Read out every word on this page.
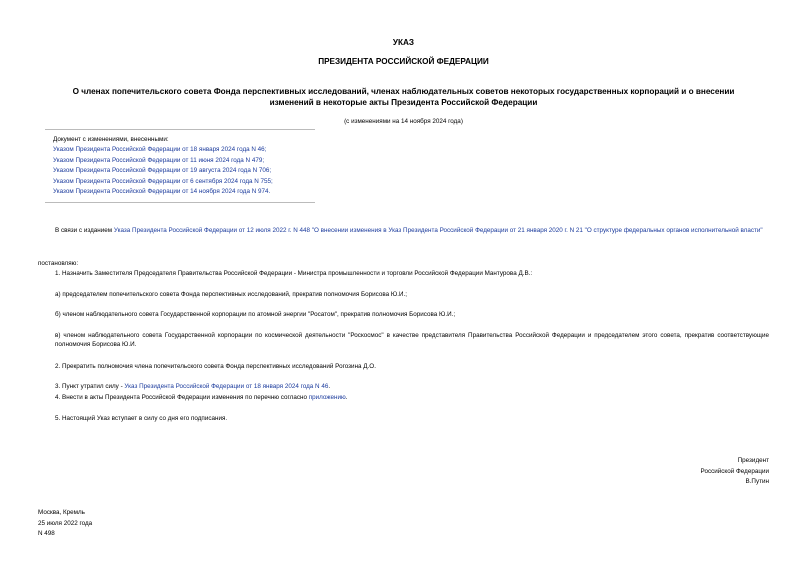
УКАЗ
ПРЕЗИДЕНТА РОССИЙСКОЙ ФЕДЕРАЦИИ
О членах попечительского совета Фонда перспективных исследований, членах наблюдательных советов некоторых государственных корпораций и о внесении
изменений в некоторые акты Президента Российской Федерации
(с изменениями на 14 ноября 2024 года)
Документ с изменениями, внесенными:
Указом Президента Российской Федерации от 18 января 2024 года N 46;
Указом Президента Российской Федерации от 11 июня 2024 года N 479;
Указом Президента Российской Федерации от 19 августа 2024 года N 706;
Указом Президента Российской Федерации от 6 сентября 2024 года N 755;
Указом Президента Российской Федерации от 14 ноября 2024 года N 974.
В связи с изданием Указа Президента Российской Федерации от 12 июля 2022 г. N 448 "О внесении изменения в Указ Президента Российской Федерации от 21 января 2020 г. N 21 "О структуре федеральных органов исполнительной власти"
постановляю:
1. Назначить Заместителя Председателя Правительства Российской Федерации - Министра промышленности и торговли Российской Федерации Мантурова Д.В.:
а) председателем попечительского совета Фонда перспективных исследований, прекратив полномочия Борисова Ю.И.;
б) членом наблюдательного совета Государственной корпорации по атомной энергии "Росатом", прекратив полномочия Борисова Ю.И.;
в) членом наблюдательного совета Государственной корпорации по космической деятельности "Роскосмос" в качестве представителя Правительства Российской Федерации и председателем этого совета, прекратив соответствующие полномочия Борисова Ю.И.
2. Прекратить полномочия члена попечительского совета Фонда перспективных исследований Рогозина Д.О.
3. Пункт утратил силу - Указ Президента Российской Федерации от 18 января 2024 года N 46.
4. Внести в акты Президента Российской Федерации изменения по перечню согласно приложению.
5. Настоящий Указ вступает в силу со дня его подписания.
Президент
Российской Федерации
В.Путин
Москва, Кремль
25 июля 2022 года
N 498
